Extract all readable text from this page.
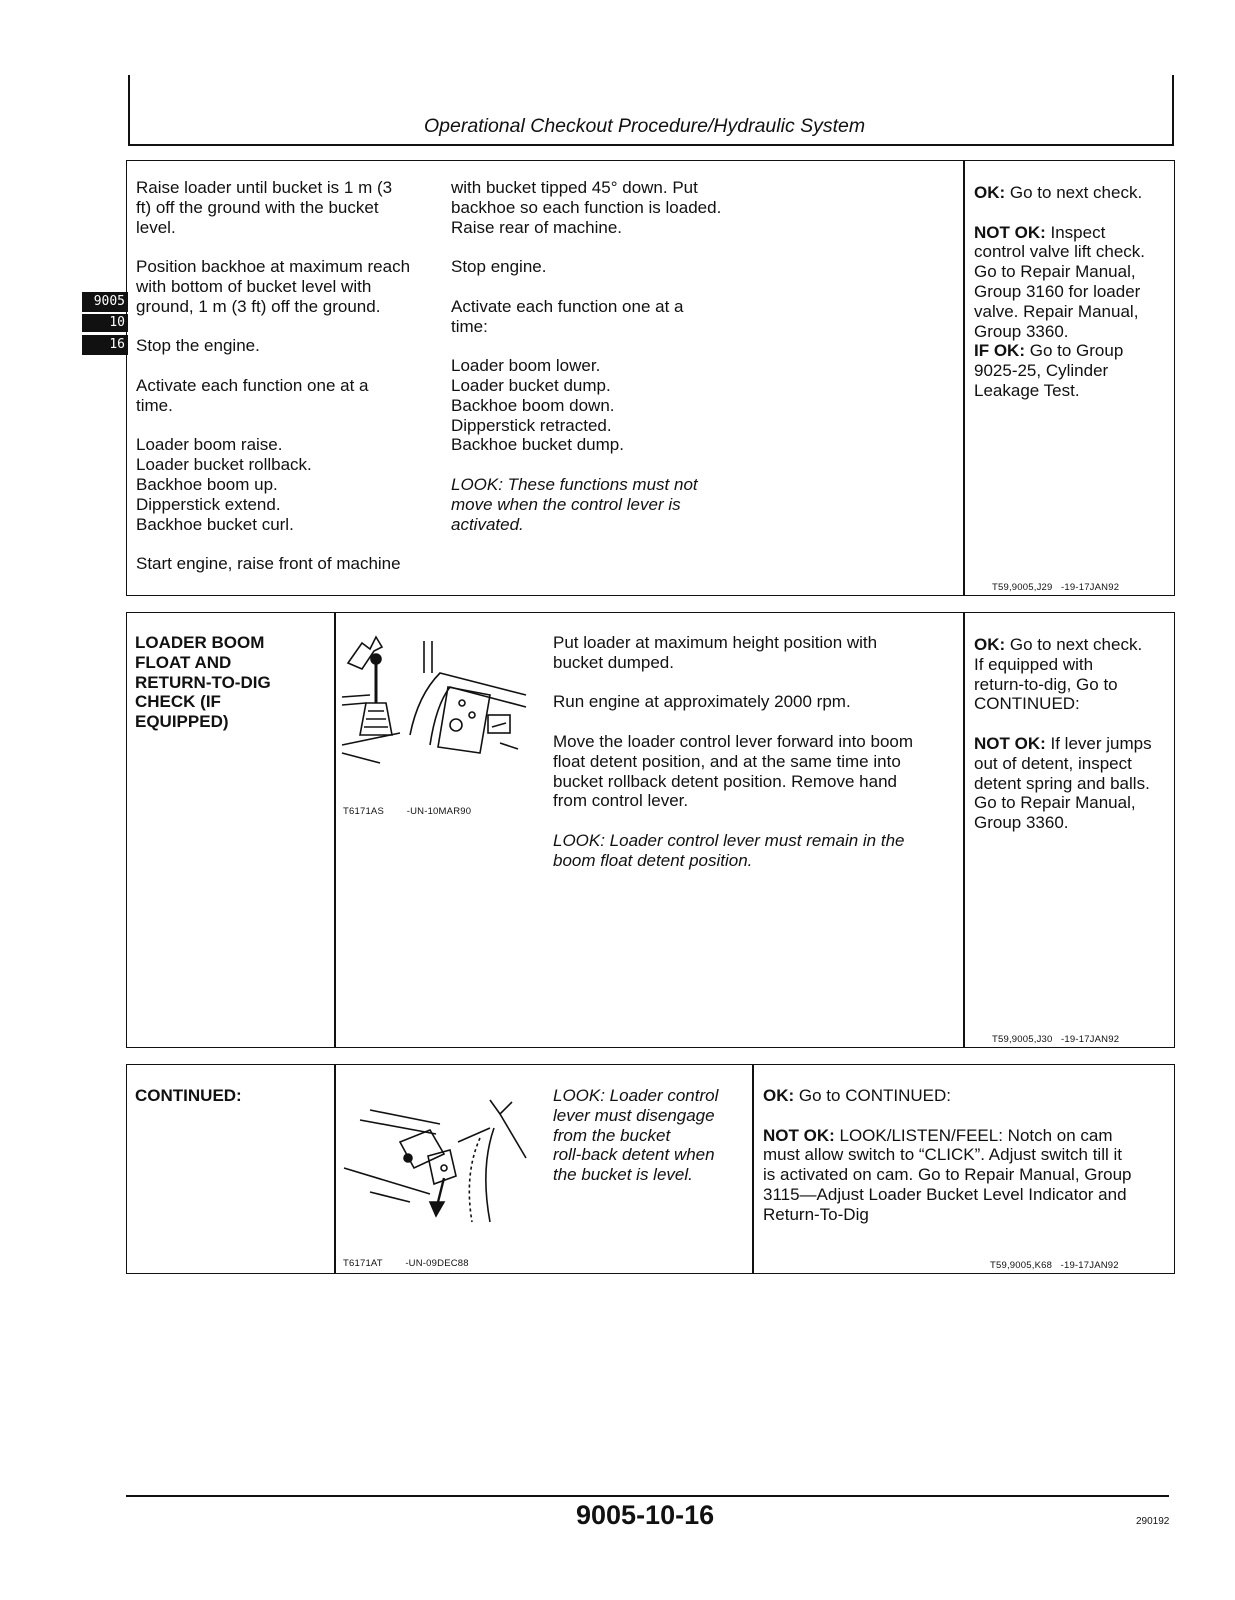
Operational Checkout Procedure/Hydraulic System
9005
10
16

Raise loader until bucket is 1 m (3

ft) off the ground with the bucket

level.

Position backhoe at maximum reach

with bottom of bucket level with

ground, 1 m (3 ft) off the ground.

Stop the engine.

Activate each function one at a

time.

Loader boom raise.

Loader bucket rollback.

Backhoe boom up.

Dipperstick extend.

Backhoe bucket curl.

Start engine, raise front of machine

with bucket tipped 45° down. Put

backhoe so each function is loaded.

Raise rear of machine.

Stop engine.

Activate each function one at a

time:

Loader boom lower.

Loader bucket dump.

Backhoe boom down.

Dipperstick retracted.

Backhoe bucket dump.

LOOK: These functions must not

move when the control lever is

activated.

OK: Go to next check.

NOT OK: Inspect

control valve lift check.

Go to Repair Manual,

Group 3160 for loader

valve. Repair Manual,

Group 3360.

IF OK: Go to Group

9025-25, Cylinder

Leakage Test.

T59,9005,J29   -19-17JAN92

LOADER BOOM

FLOAT AND

RETURN-TO-DIG

CHECK (IF

EQUIPPED)

T6171AS        -UN-10MAR90

Put loader at maximum height position with

bucket dumped.

Run engine at approximately 2000 rpm.

Move the loader control lever forward into boom

float detent position, and at the same time into

bucket rollback detent position. Remove hand

from control lever.

LOOK: Loader control lever must remain in the

boom float detent position.

OK: Go to next check.

If equipped with

return-to-dig, Go to

CONTINUED:

NOT OK: If lever jumps

out of detent, inspect

detent spring and balls.

Go to Repair Manual,

Group 3360.

T59,9005,J30   -19-17JAN92
CONTINUED:
T6171AT        -UN-09DEC88

LOOK: Loader control

lever must disengage

from the bucket

roll-back detent when

the bucket is level.

OK: Go to CONTINUED:

NOT OK: LOOK/LISTEN/FEEL: Notch on cam

must allow switch to “CLICK”. Adjust switch till it

is activated on cam. Go to Repair Manual, Group

3115—Adjust Loader Bucket Level Indicator and

Return-To-Dig

T59,9005,K68   -19-17JAN92
9005-10-16	290192
